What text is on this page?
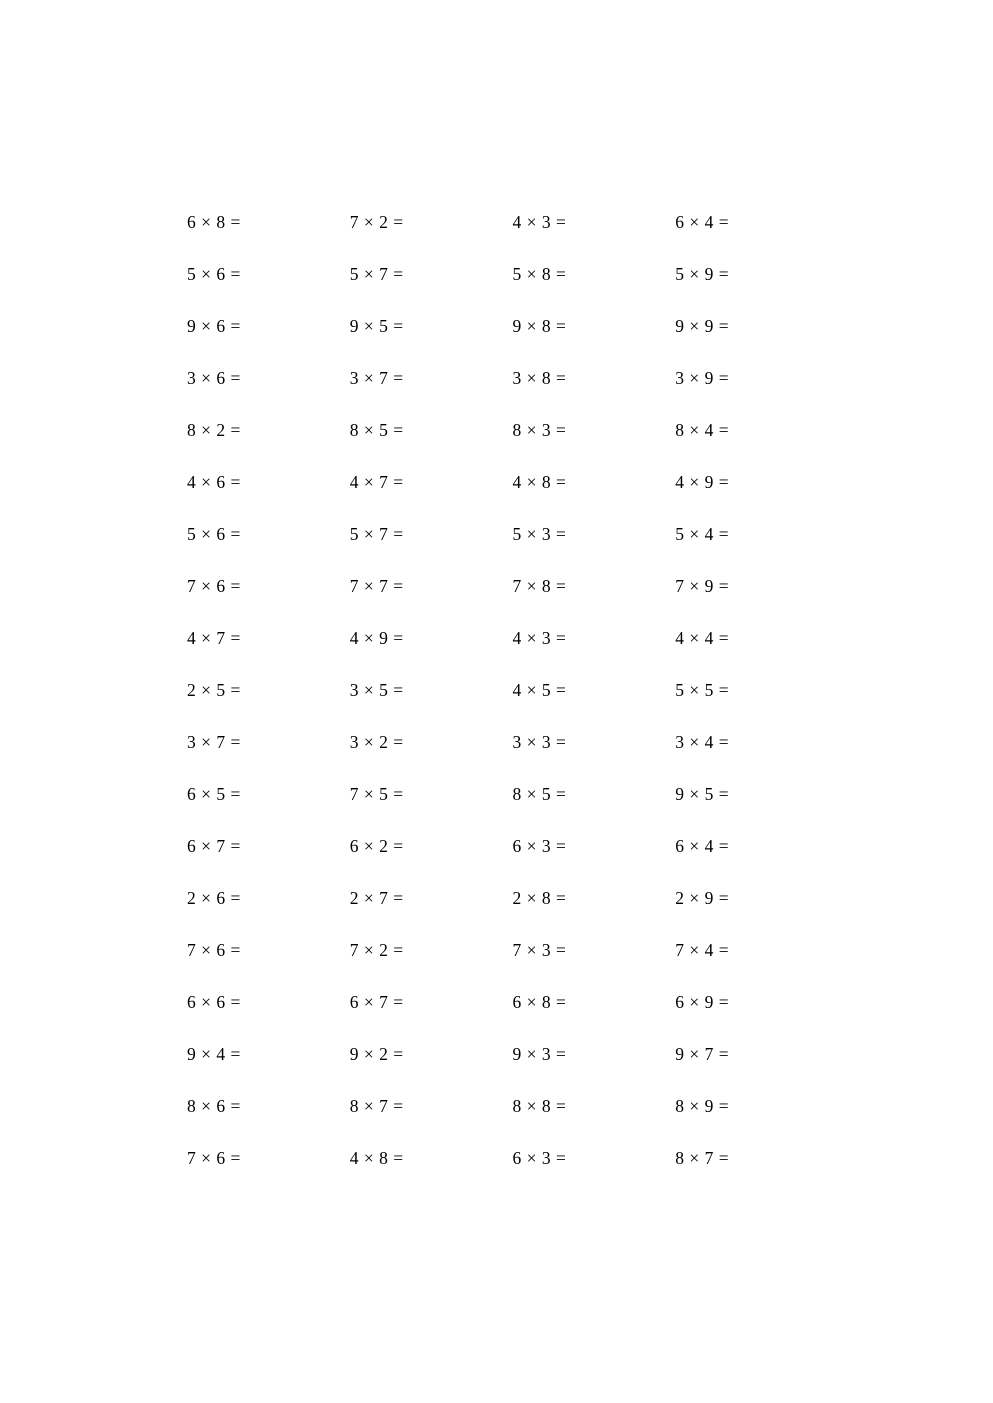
6 × 8 =	7 × 2 =	4 × 3 =	6 × 4 =
5 × 6 =	5 × 7 =	5 × 8 =	5 × 9 =
9 × 6 =	9 × 5 =	9 × 8 =	9 × 9 =
3 × 6 =	3 × 7 =	3 × 8 =	3 × 9 =
8 × 2 =	8 × 5 =	8 × 3 =	8 × 4 =
4 × 6 =	4 × 7 =	4 × 8 =	4 × 9 =
5 × 6 =	5 × 7 =	5 × 3 =	5 × 4 =
7 × 6 =	7 × 7 =	7 × 8 =	7 × 9 =
4 × 7 =	4 × 9 =	4 × 3 =	4 × 4 =
2 × 5 =	3 × 5 =	4 × 5 =	5 × 5 =
3 × 7 =	3 × 2 =	3 × 3 =	3 × 4 =
6 × 5 =	7 × 5 =	8 × 5 =	9 × 5 =
6 × 7 =	6 × 2 =	6 × 3 =	6 × 4 =
2 × 6 =	2 × 7 =	2 × 8 =	2 × 9 =
7 × 6 =	7 × 2 =	7 × 3 =	7 × 4 =
6 × 6 =	6 × 7 =	6 × 8 =	6 × 9 =
9 × 4 =	9 × 2 =	9 × 3 =	9 × 7 =
8 × 6 =	8 × 7 =	8 × 8 =	8 × 9 =
7 × 6 =	4 × 8 =	6 × 3 =	8 × 7 =
